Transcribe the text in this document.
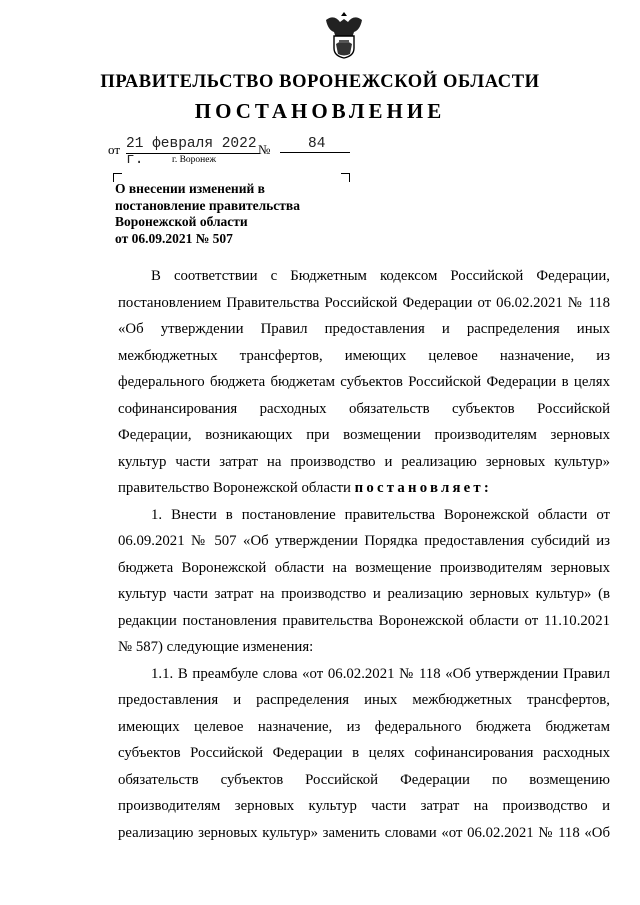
ПРАВИТЕЛЬСТВО ВОРОНЕЖСКОЙ ОБЛАСТИ
ПОСТАНОВЛЕНИЕ
от 21 февраля 2022 г.
№	84
г. Воронеж
О внесении изменений в
постановление правительства
Воронежской области
от 06.09.2021 № 507
В соответствии с Бюджетным кодексом Российской Федерации,
постановлением Правительства Российской Федерации от 06.02.2021 № 118
«Об утверждении Правил предоставления и распределения иных
межбюджетных трансфертов, имеющих целевое назначение, из
федерального бюджета бюджетам субъектов Российской Федерации в целях
софинансирования расходных обязательств субъектов Российской
Федерации, возникающих при возмещении производителям зерновых
культур части затрат на производство и реализацию зерновых культур»
правительство Воронежской области постановляет:
1. Внести в постановление правительства Воронежской области от
06.09.2021 № 507 «Об утверждении Порядка предоставления субсидий из
бюджета Воронежской области на возмещение производителям зерновых
культур части затрат на производство и реализацию зерновых культур» (в
редакции постановления правительства Воронежской области от 11.10.2021
№ 587) следующие изменения:
1.1. В преамбуле слова «от 06.02.2021 № 118 «Об утверждении Правил
предоставления и распределения иных межбюджетных трансфертов,
имеющих целевое назначение, из федерального бюджета бюджетам
субъектов Российской Федерации в целях софинансирования расходных
обязательств субъектов Российской Федерации по возмещению
производителям зерновых культур части затрат на производство и
реализацию зерновых культур» заменить словами «от 06.02.2021 № 118 «Об
